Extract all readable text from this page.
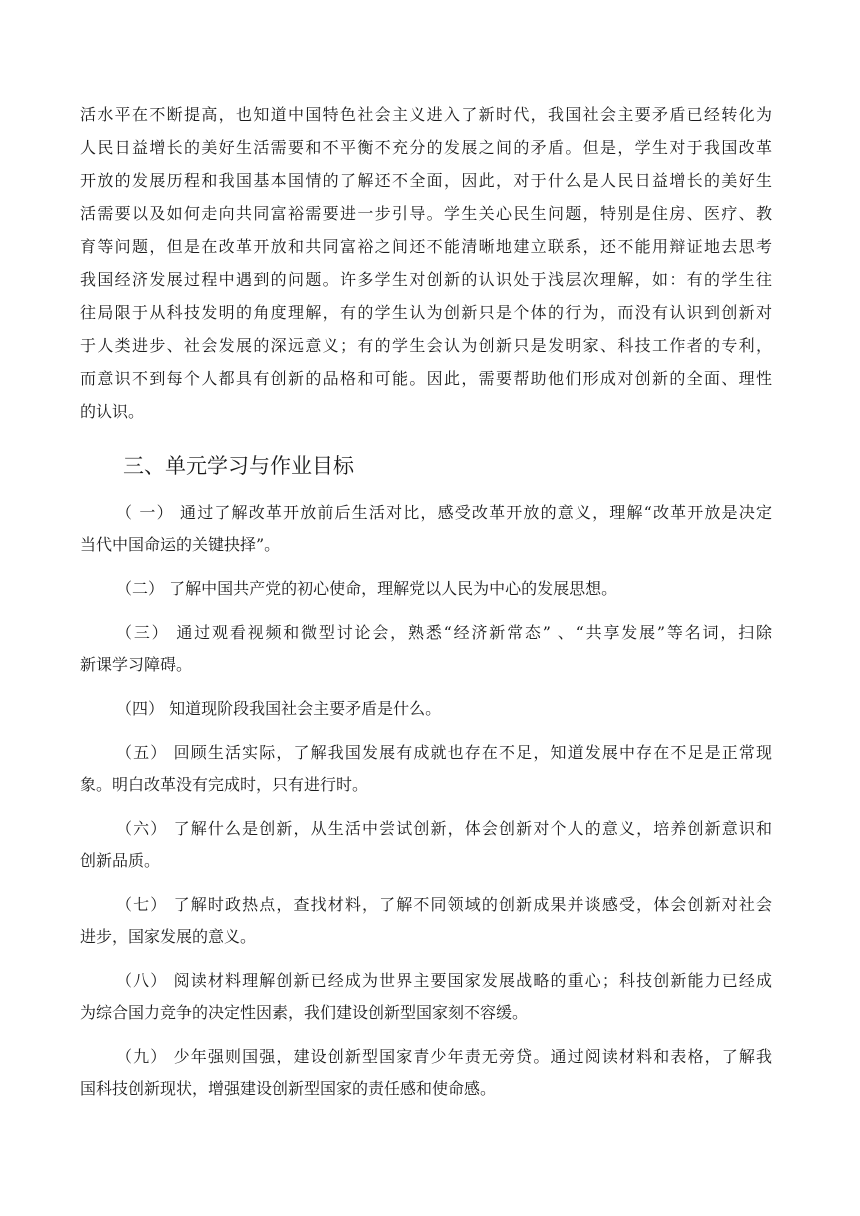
活水平在不断提高，也知道中国特色社会主义进入了新时代，我国社会主要矛盾已经转化为
人民日益增长的美好生活需要和不平衡不充分的发展之间的矛盾。但是，学生对于我国改革
开放的发展历程和我国基本国情的了解还不全面，因此，对于什么是人民日益增长的美好生
活需要以及如何走向共同富裕需要进一步引导。学生关心民生问题，特别是住房、医疗、教
育等问题，但是在改革开放和共同富裕之间还不能清晰地建立联系，还不能用辩证地去思考
我国经济发展过程中遇到的问题。许多学生对创新的认识处于浅层次理解，如：有的学生往
往局限于从科技发明的角度理解，有的学生认为创新只是个体的行为，而没有认识到创新对
于人类进步、社会发展的深远意义；有的学生会认为创新只是发明家、科技工作者的专利，
而意识不到每个人都具有创新的品格和可能。因此，需要帮助他们形成对创新的全面、理性
的认识。

三、单元学习与作业目标

（ 一） 通过了解改革开放前后生活对比，感受改革开放的意义，理解“改革开放是决定
当代中国命运的关键抉择”。

（二） 了解中国共产党的初心使命，理解党以人民为中心的发展思想。

（三） 通过观看视频和微型讨论会，熟悉“经济新常态” 、“共享发展”等名词，扫除
新课学习障碍。

（四） 知道现阶段我国社会主要矛盾是什么。

（五） 回顾生活实际，了解我国发展有成就也存在不足，知道发展中存在不足是正常现
象。明白改革没有完成时，只有进行时。

（六） 了解什么是创新，从生活中尝试创新，体会创新对个人的意义，培养创新意识和
创新品质。

（七） 了解时政热点，查找材料，了解不同领域的创新成果并谈感受，体会创新对社会
进步，国家发展的意义。

（八） 阅读材料理解创新已经成为世界主要国家发展战略的重心；科技创新能力已经成
为综合国力竞争的决定性因素，我们建设创新型国家刻不容缓。

（九） 少年强则国强，建设创新型国家青少年责无旁贷。通过阅读材料和表格，了解我
国科技创新现状，增强建设创新型国家的责任感和使命感。
